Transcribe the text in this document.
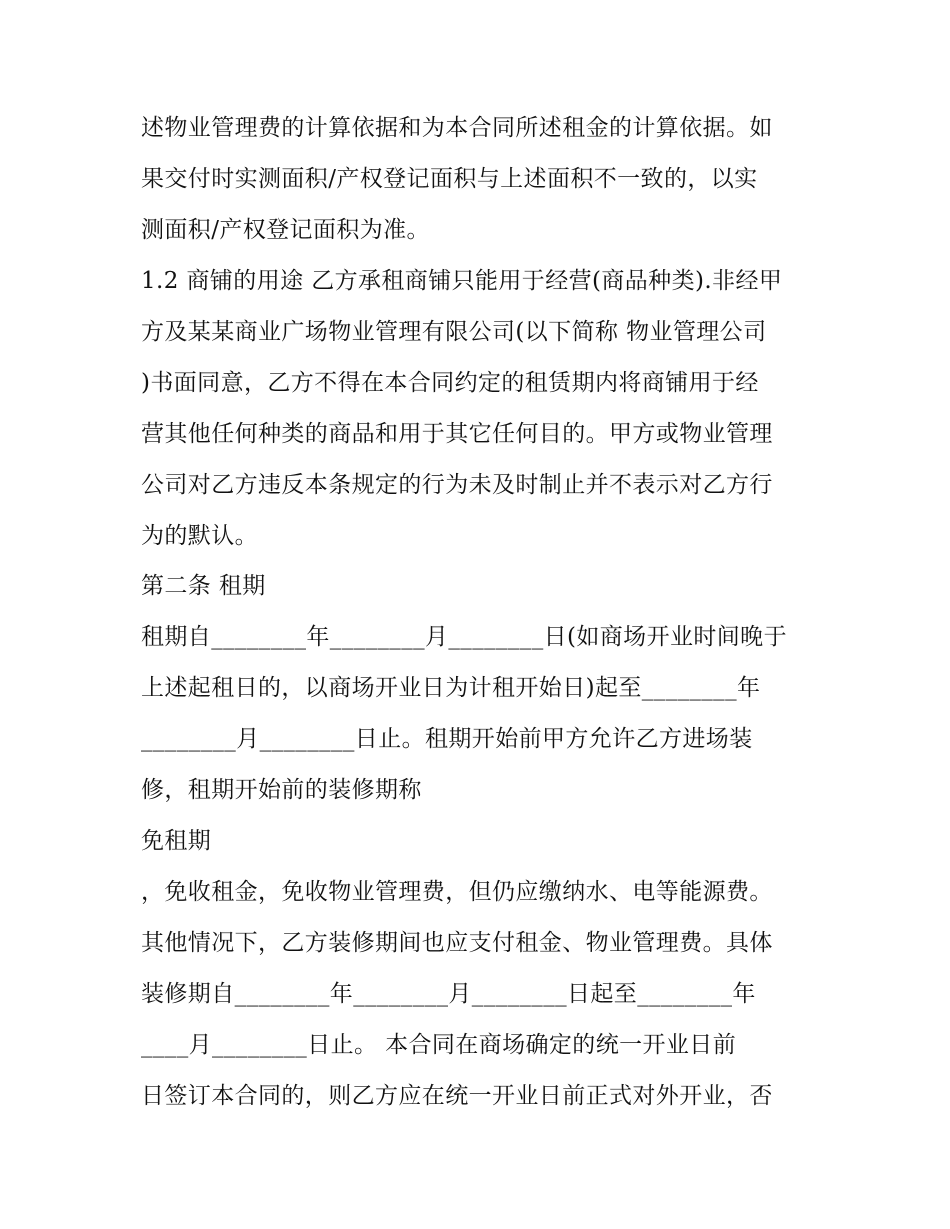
述物业管理费的计算依据和为本合同所述租金的计算依据。如
果交付时实测面积/产权登记面积与上述面积不一致的，以实
测面积/产权登记面积为准。
1.2 商铺的用途 乙方承租商铺只能用于经营(商品种类).非经甲
方及某某商业广场物业管理有限公司(以下简称 物业管理公司
)书面同意，乙方不得在本合同约定的租赁期内将商铺用于经
营其他任何种类的商品和用于其它任何目的。甲方或物业管理
公司对乙方违反本条规定的行为未及时制止并不表示对乙方行
为的默认。
第二条 租期
租期自________年________月________日(如商场开业时间晚于
上述起租日的，以商场开业日为计租开始日)起至________年
________月________日止。租期开始前甲方允许乙方进场装
修，租期开始前的装修期称
免租期
，免收租金，免收物业管理费，但仍应缴纳水、电等能源费。
其他情况下，乙方装修期间也应支付租金、物业管理费。具体
装修期自________年________月________日起至________年
____月________日止。 本合同在商场确定的统一开业日前
日签订本合同的，则乙方应在统一开业日前正式对外开业，否
